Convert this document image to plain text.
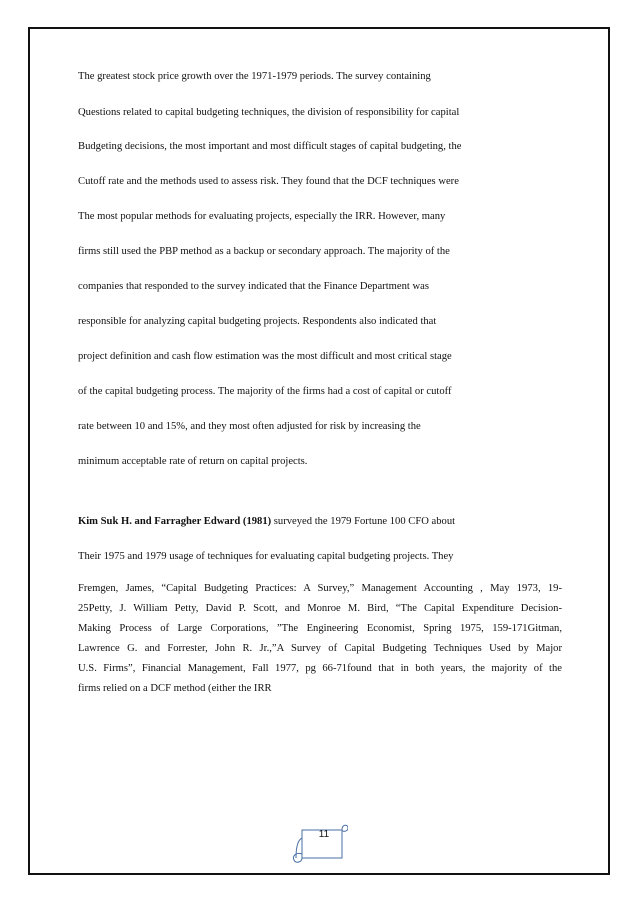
The greatest stock price growth over the 1971-1979 periods. The survey containing
Questions related to capital budgeting techniques, the division of responsibility for capital
Budgeting decisions, the most important and most difficult stages of capital budgeting, the
Cutoff rate and the methods used to assess risk. They found that the DCF techniques were
The most popular methods for evaluating projects, especially the IRR. However, many
firms still used the PBP method as a backup or secondary approach. The majority of the
companies that responded to the survey indicated that the Finance Department was
responsible for analyzing capital budgeting projects. Respondents also indicated that
project definition and cash flow estimation was the most difficult and most critical stage
of the capital budgeting process. The majority of the firms had a cost of capital or cutoff
rate between 10 and 15%, and they most often adjusted for risk by increasing the
minimum acceptable rate of return on capital projects.
Kim Suk H. and Farragher Edward (1981) surveyed the 1979 Fortune 100 CFO about
Their 1975 and 1979 usage of techniques for evaluating capital budgeting projects. They
Fremgen, James, “Capital Budgeting Practices: A Survey,” Management Accounting , May 1973, 19-
25Petty, J. William Petty, David P. Scott, and Monroe M. Bird, “The Capital Expenditure Decision-
Making Process of Large Corporations, ”The Engineering Economist, Spring 1975, 159-171Gitman,
Lawrence G. and Forrester, John R. Jr.,”A Survey of Capital Budgeting Techniques Used by Major
U.S. Firms”, Financial Management, Fall 1977, pg 66-71found that in both years, the majority of the
firms relied on a DCF method (either the IRR
11
